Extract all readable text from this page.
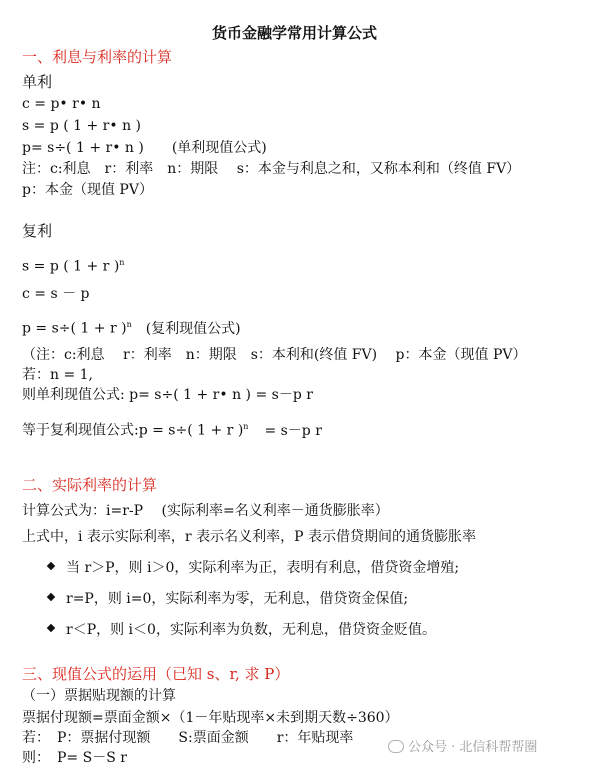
货币金融学常用计算公式
一、利息与利率的计算
单利
c = p• r• n
s = p ( 1 + r• n )
p= s÷( 1 + r• n ) (单利现值公式)
注：c:利息　r：利率　n：期限　 s：本金与利息之和，又称本利和（终值 FV）
p：本金（现值 PV）
复利
s = p ( 1 + r )$^n$
c = s － p
p = s÷( 1 + r )$^n$ (复利现值公式)
（注：c:利息　 r：利率　n：期限　s：本利和(终值 FV)　 p：本金（现值 PV）
若：n = 1,
则单利现值公式: p= s÷( 1 + r• n ) = s－p r
等于复利现值公式:p = s÷( 1 + r )$^n$ = s－p r
二、实际利率的计算
计算公式为：i=r-P　 (实际利率=名义利率－通货膨胀率）
上式中，i 表示实际利率，r 表示名义利率，P 表示借贷期间的通货膨胀率
当 r＞P，则 i＞0，实际利率为正，表明有利息，借贷资金增殖;
r=P，则 i=0，实际利率为零，无利息，借贷资金保值;
r＜P，则 i＜0，实际利率为负数，无利息，借贷资金贬值。
三、现值公式的运用（已知 s、r, 求 P）
（一）票据贴现额的计算
票据付现额=票面金额×（1－年贴现率×未到期天数÷360）
若：　P：票据付现额　　S:票面金额　　r：年贴现率
则：　P= S－S r
公众号 · 北信科帮帮圈
